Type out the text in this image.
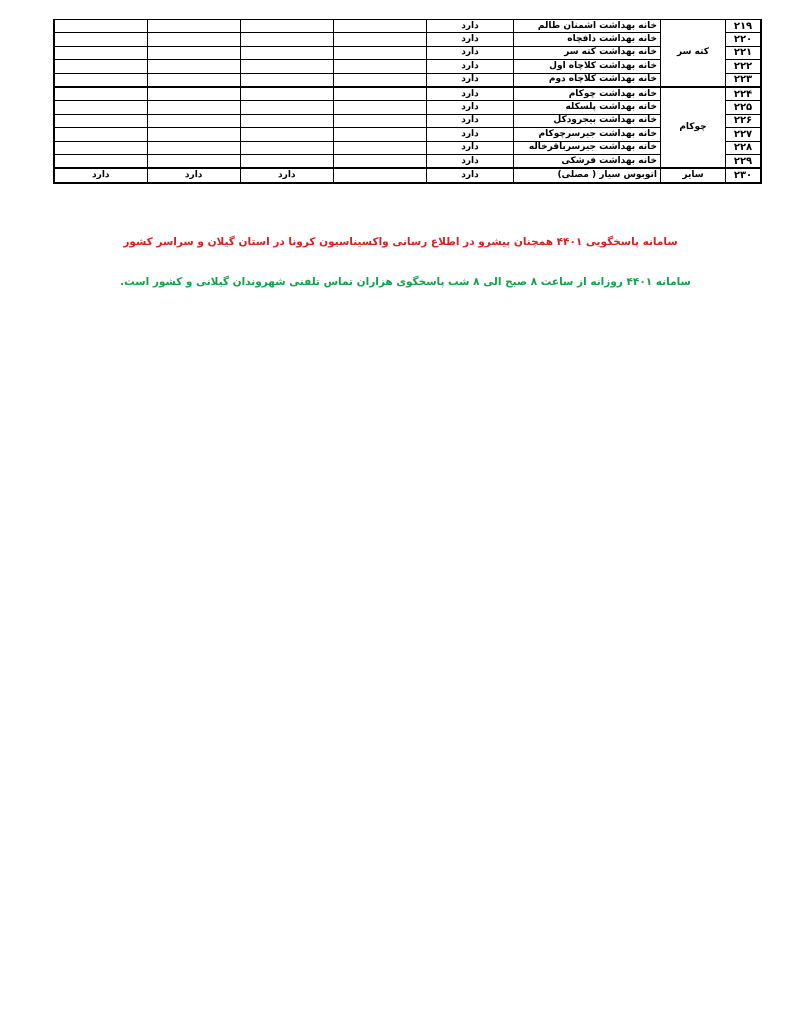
۲۱۹	کته سر	خانه بهداشت اشمنان طالم	دارد				
۲۲۰		خانه بهداشت دافچاه	دارد				
۲۲۱		خانه بهداشت کته سر	دارد				
۲۲۲		خانه بهداشت کلاچاه اول	دارد				
۲۲۳		خانه بهداشت کلاچاه دوم	دارد				
۲۲۴	چوکام	خانه بهداشت چوکام	دارد				
۲۲۵		خانه بهداشت پلسکله	دارد				
۲۲۶		خانه بهداشت بیجرودکل	دارد				
۲۲۷		خانه بهداشت جیرسرچوکام	دارد				
۲۲۸		خانه بهداشت جیرسرباقرخاله	دارد				
۲۲۹		خانه بهداشت فرشکی	دارد				
۲۳۰	سایر	اتوبوس سیار ( مصلی)	دارد		دارد	دارد	دارد
سامانه پاسخگویی ۴۴۰۱ همچنان پیشرو در اطلاع رسانی واکسیناسیون کرونا در استان گیلان و سراسر کشور
سامانه ۴۴۰۱ روزانه از ساعت ۸ صبح الی ۸ شب پاسخگوی هزاران تماس تلفنی شهروندان گیلانی و کشور است.
